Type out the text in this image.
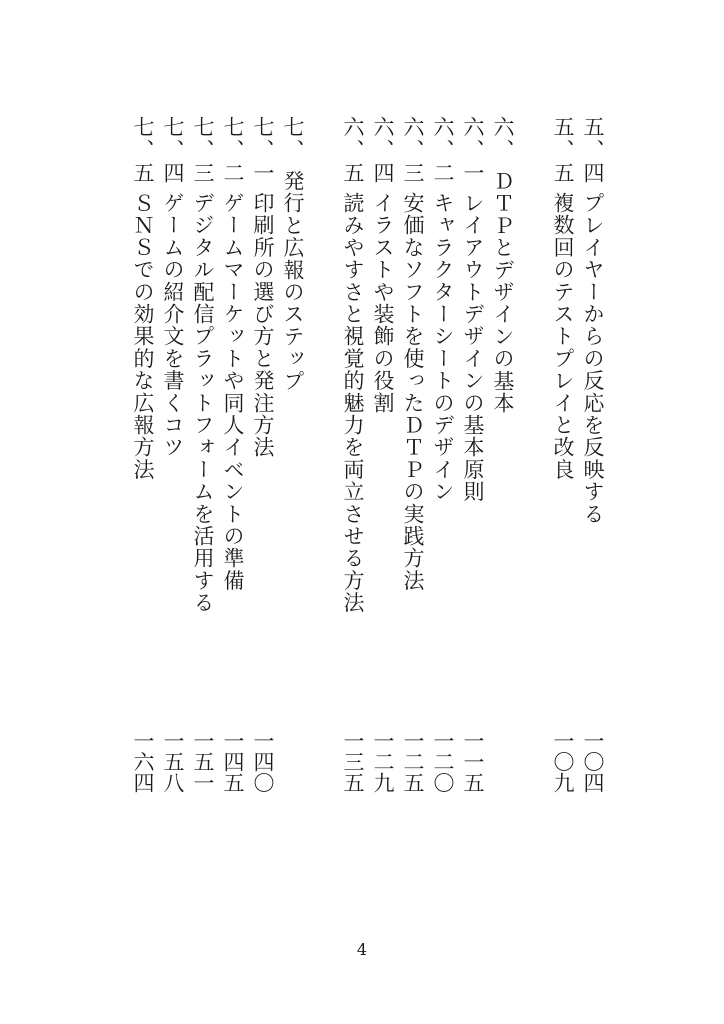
五、四
プレイヤーからの反応を反映する
一〇四
五、五
複数回のテストプレイと改良
一〇九
六、
ＤＴＰとデザインの基本
六、一
レイアウトデザインの基本原則
一一五
六、二
キャラクターシートのデザイン
一二〇
六、三
安価なソフトを使ったＤＴＰの実践方法
一二五
六、四
イラストや装飾の役割
一二九
六、五
読みやすさと視覚的魅力を両立させる方法
一三五
七、
発行と広報のステップ
七、一
印刷所の選び方と発注方法
一四〇
七、二
ゲームマーケットや同人イベントの準備
一四五
七、三
デジタル配信プラットフォームを活用する
一五一
七、四
ゲームの紹介文を書くコツ
一五八
七、五
ＳＮＳでの効果的な広報方法
一六四
4
